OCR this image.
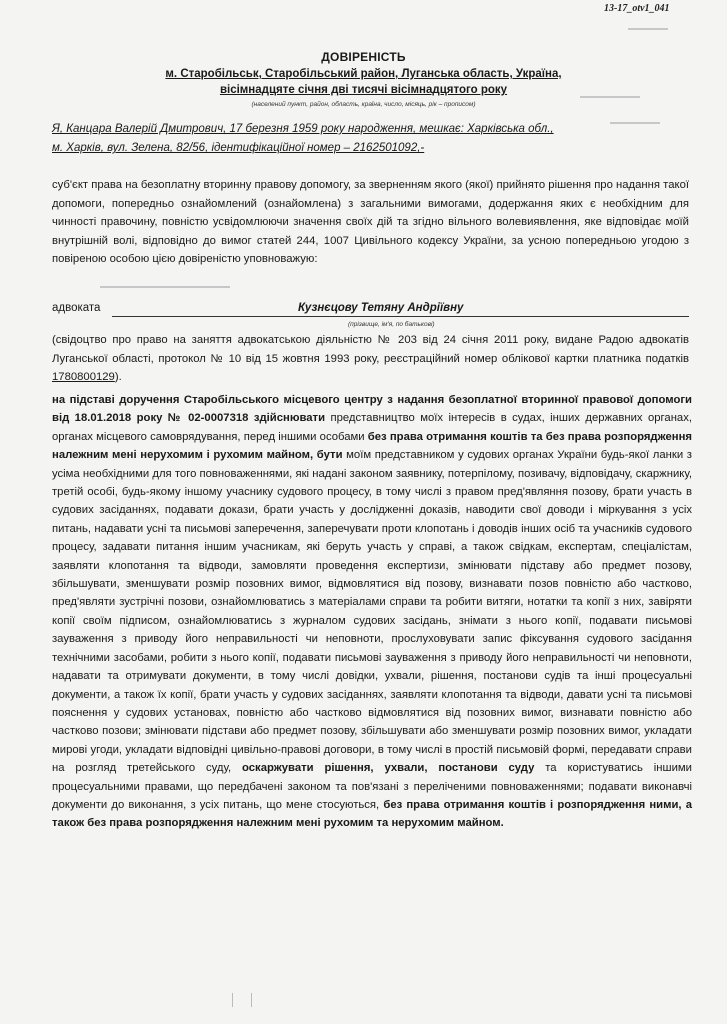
13-17_otv1_041
ДОВІРЕНІСТЬ
м. Старобільськ, Старобільський район, Луганська область, Україна,
вісімнадцяте січня дві тисячі вісімнадцятого року
(населений пункт, район, область, країна, число, місяць, рік – прописом)
Я, Канцара Валерій Дмитрович, 17 березня 1959 року народження, мешкає: Харківська обл.,
м. Харків, вул. Зелена, 82/56, ідентифікаційної номер – 2162501092,-
суб'єкт права на безоплатну вторинну правову допомогу, за зверненням якого (якої) прийнято рішення про надання такої допомоги, попередньо ознайомлений (ознайомлена) з загальними вимогами, додержання яких є необхідним для чинності правочину, повністю усвідомлюючи значення своїх дій та згідно вільного волевиявлення, яке відповідає моїй внутрішній волі, відповідно до вимог статей 244, 1007 Цивільного кодексу України, за усною попередньою угодою з повіреною особою цією довіреністю уповноважую:
адвоката	Кузнєцову Тетяну Андріївну
(прізвище, ім'я, по батькові)
(свідоцтво про право на заняття адвокатською діяльністю № 203 від 24 січня 2011 року, видане Радою адвокатів Луганської області, протокол № 10 від 15 жовтня 1993 року, реєстраційний номер облікової картки платника податків 1780800129).
на підставі доручення Старобільського місцевого центру з надання безоплатної вторинної правової допомоги від 18.01.2018 року № 02-0007318 здійснювати представництво моїх інтересів в судах, інших державних органах, органах місцевого самоврядування, перед іншими особами без права отримання коштів та без права розпорядження належним мені нерухомим і рухомим майном, бути моїм представником у судових органах України будь-якої ланки з усіма необхідними для того повноваженнями, які надані законом заявнику, потерпілому, позивачу, відповідачу, скаржнику, третій особі, будь-якому іншому учаснику судового процесу, в тому числі з правом пред'являння позову, брати участь в судових засіданнях, подавати докази, брати участь у дослідженні доказів, наводити свої доводи і міркування з усіх питань, надавати усні та письмові заперечення, заперечувати проти клопотань і доводів інших осіб та учасників судового процесу, задавати питання іншим учасникам, які беруть участь у справі, а також свідкам, експертам, спеціалістам, заявляти клопотання та відводи, замовляти проведення експертизи, змінювати підставу або предмет позову, збільшувати, зменшувати розмір позовних вимог, відмовлятися від позову, визнавати позов повністю або частково, пред'являти зустрічні позови, ознайомлюватись з матеріалами справи та робити витяги, нотатки та копії з них, завіряти копії своїм підписом, ознайомлюватись з журналом судових засідань, знімати з нього копії, подавати письмові зауваження з приводу його неправильності чи неповноти, прослуховувати запис фіксування судового засідання технічними засобами, робити з нього копії, подавати письмові зауваження з приводу його неправильності чи неповноти, надавати та отримувати документи, в тому числі довідки, ухвали, рішення, постанови судів та інші процесуальні документи, а також їх копії, брати участь у судових засіданнях, заявляти клопотання та відводи, давати усні та письмові пояснення у судових установах, повністю або частково відмовлятися від позовних вимог, визнавати повністю або частково позови; змінювати підстави або предмет позову, збільшувати або зменшувати розмір позовних вимог, укладати мирові угоди, укладати відповідні цивільно-правові договори, в тому числі в простій письмовій формі, передавати справи на розгляд третейського суду, оскаржувати рішення, ухвали, постанови суду та користуватись іншими процесуальними правами, що передбачені законом та пов'язані з переліченими повноваженнями; подавати виконавчі документи до виконання, з усіх питань, що мене стосуються, без права отримання коштів і розпорядження ними, а також без права розпорядження належним мені рухомим та нерухомим майном.
